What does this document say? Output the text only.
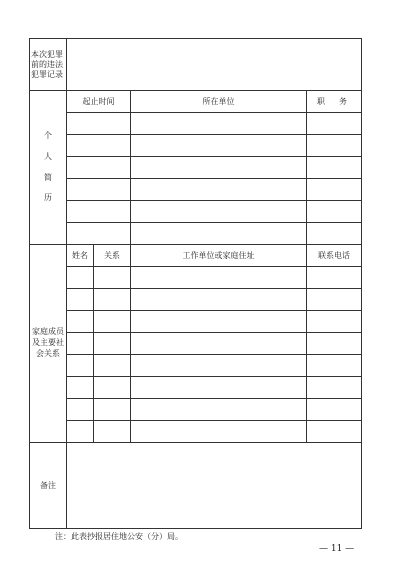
本次犯罪前的违法犯罪记录				
个人简历	起止时间		所在单位	职务

家庭成员及主要社会关系	姓名	关系	工作单位或家庭住址	联系电话

备注				
注：此表抄报居住地公安（分）局。
— 11 —
